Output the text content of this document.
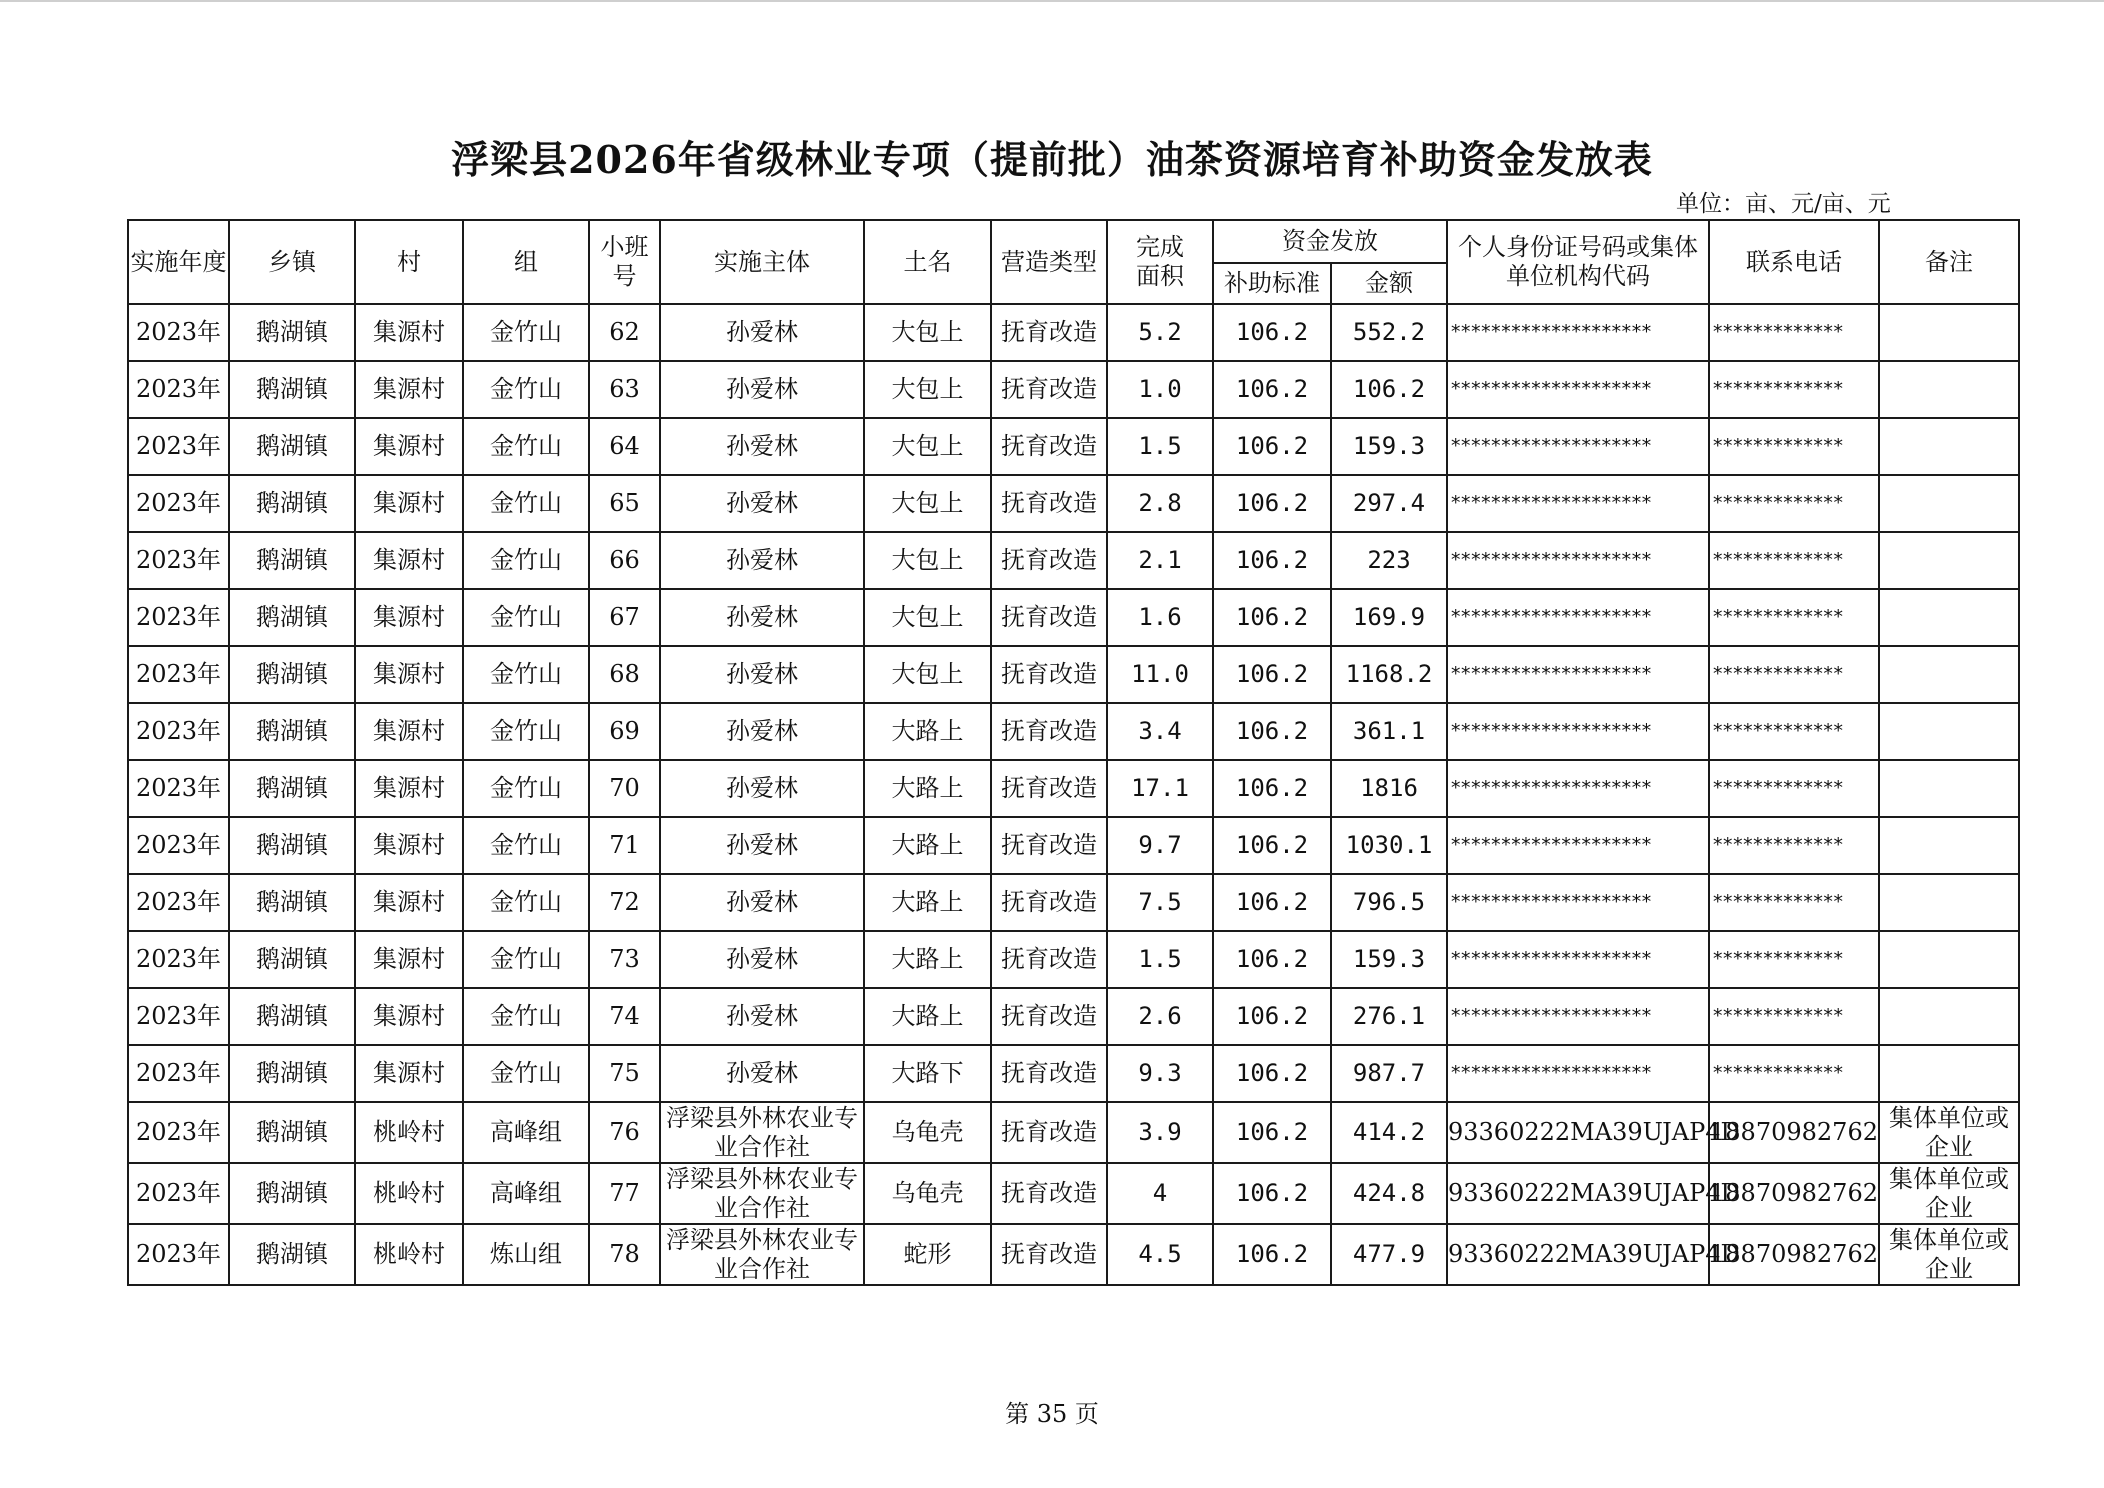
浮梁县2026年省级林业专项（提前批）油茶资源培育补助资金发放表
单位：亩、元/亩、元
实施年度	乡镇	村	组	小班号	实施主体	土名	营造类型	完成面积	资金发放		个人身份证号码或集体单位机构代码	联系电话	备注
									补助标准	金额			
2023年	鹅湖镇	集源村	金竹山	62	孙爱林	大包上	抚育改造	5.2	106.2	552.2	********************	*************	
2023年	鹅湖镇	集源村	金竹山	63	孙爱林	大包上	抚育改造	1.0	106.2	106.2	********************	*************	
2023年	鹅湖镇	集源村	金竹山	64	孙爱林	大包上	抚育改造	1.5	106.2	159.3	********************	*************	
2023年	鹅湖镇	集源村	金竹山	65	孙爱林	大包上	抚育改造	2.8	106.2	297.4	********************	*************	
2023年	鹅湖镇	集源村	金竹山	66	孙爱林	大包上	抚育改造	2.1	106.2	223	********************	*************	
2023年	鹅湖镇	集源村	金竹山	67	孙爱林	大包上	抚育改造	1.6	106.2	169.9	********************	*************	
2023年	鹅湖镇	集源村	金竹山	68	孙爱林	大包上	抚育改造	11.0	106.2	1168.2	********************	*************	
2023年	鹅湖镇	集源村	金竹山	69	孙爱林	大路上	抚育改造	3.4	106.2	361.1	********************	*************	
2023年	鹅湖镇	集源村	金竹山	70	孙爱林	大路上	抚育改造	17.1	106.2	1816	********************	*************	
2023年	鹅湖镇	集源村	金竹山	71	孙爱林	大路上	抚育改造	9.7	106.2	1030.1	********************	*************	
2023年	鹅湖镇	集源村	金竹山	72	孙爱林	大路上	抚育改造	7.5	106.2	796.5	********************	*************	
2023年	鹅湖镇	集源村	金竹山	73	孙爱林	大路上	抚育改造	1.5	106.2	159.3	********************	*************	
2023年	鹅湖镇	集源村	金竹山	74	孙爱林	大路上	抚育改造	2.6	106.2	276.1	********************	*************	
2023年	鹅湖镇	集源村	金竹山	75	孙爱林	大路下	抚育改造	9.3	106.2	987.7	********************	*************	
2023年	鹅湖镇	桃岭村	高峰组	76	浮梁县外林农业专业合作社	乌龟壳	抚育改造	3.9	106.2	414.2	93360222MA39UJAP4D	18870982762	集体单位或企业
2023年	鹅湖镇	桃岭村	高峰组	77	浮梁县外林农业专业合作社	乌龟壳	抚育改造	4	106.2	424.8	93360222MA39UJAP4D	18870982762	集体单位或企业
2023年	鹅湖镇	桃岭村	炼山组	78	浮梁县外林农业专业合作社	蛇形	抚育改造	4.5	106.2	477.9	93360222MA39UJAP4D	18870982762	集体单位或企业
第 35 页
